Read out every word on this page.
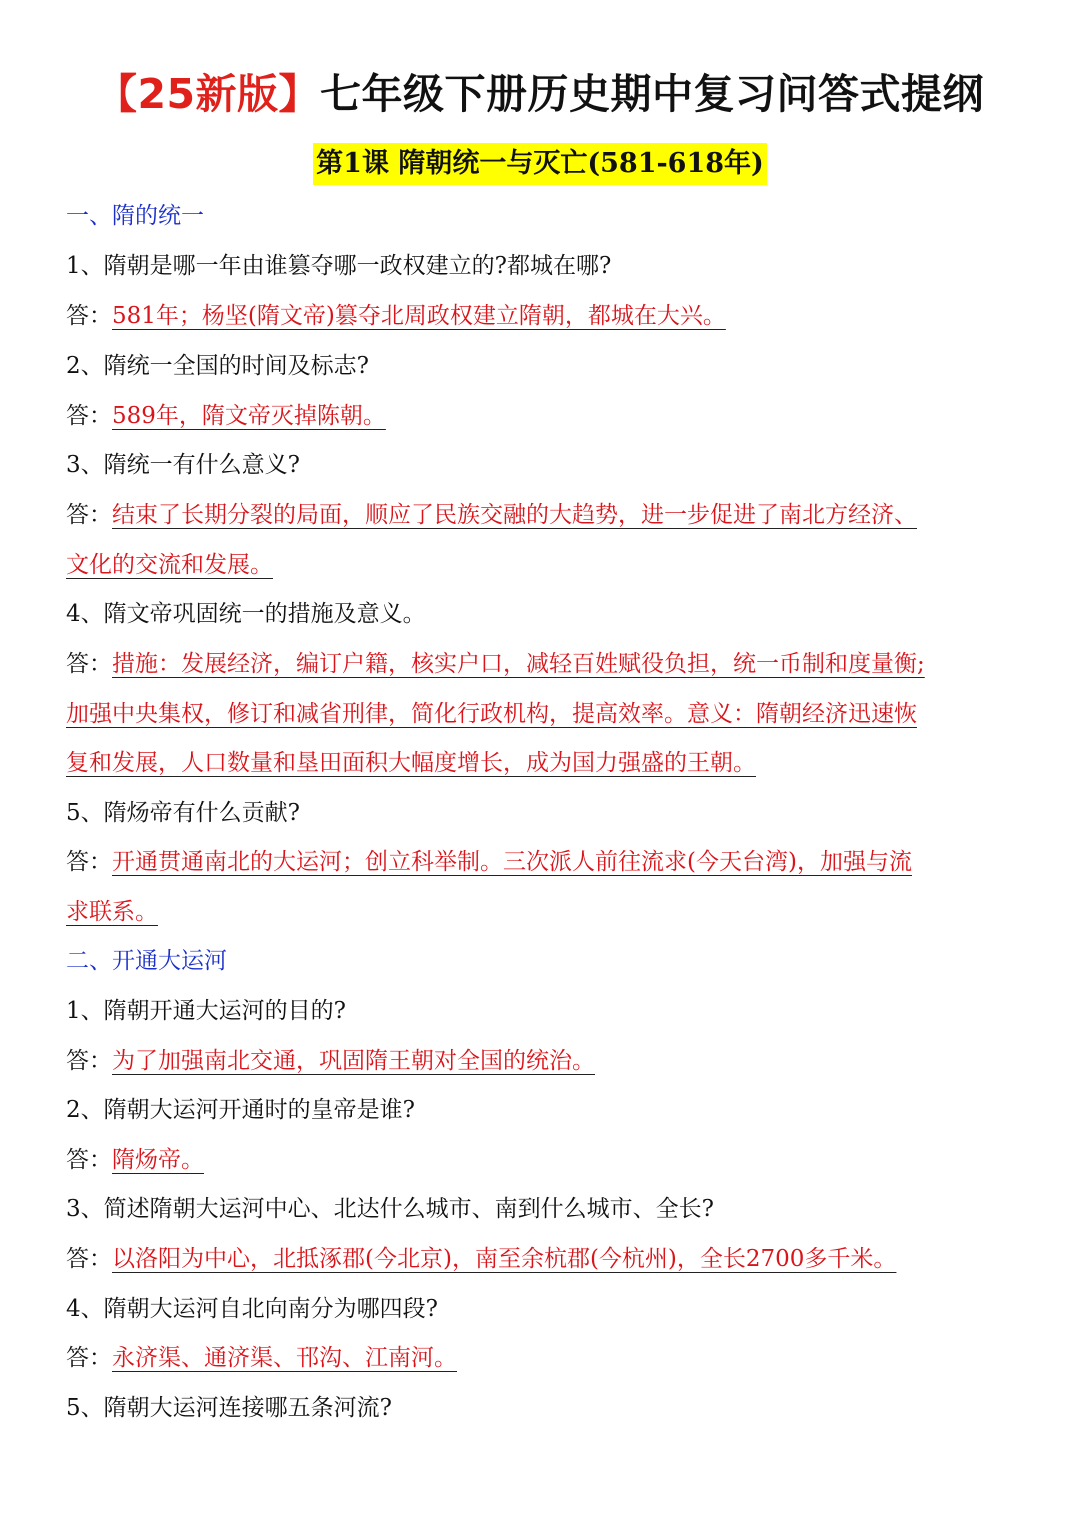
【25新版】七年级下册历史期中复习问答式提纲
第1课 隋朝统一与灭亡(581-618年)
一、隋的统一
1、隋朝是哪一年由谁篡夺哪一政权建立的?都城在哪?
答：581年；杨坚(隋文帝)篡夺北周政权建立隋朝，都城在大兴。
2、隋统一全国的时间及标志?
答：589年，隋文帝灭掉陈朝。
3、隋统一有什么意义?
答：结束了长期分裂的局面，顺应了民族交融的大趋势，进一步促进了南北方经济、
文化的交流和发展。
4、隋文帝巩固统一的措施及意义。
答：措施：发展经济，编订户籍，核实户口，减轻百姓赋役负担，统一币制和度量衡;
加强中央集权，修订和减省刑律，简化行政机构，提高效率。意义：隋朝经济迅速恢
复和发展，人口数量和垦田面积大幅度增长，成为国力强盛的王朝。
5、隋炀帝有什么贡献?
答：开通贯通南北的大运河；创立科举制。三次派人前往流求(今天台湾)，加强与流
求联系。
二、开通大运河
1、隋朝开通大运河的目的?
答：为了加强南北交通，巩固隋王朝对全国的统治。
2、隋朝大运河开通时的皇帝是谁?
答：隋炀帝。
3、简述隋朝大运河中心、北达什么城市、南到什么城市、全长?
答：以洛阳为中心，北抵涿郡(今北京)，南至余杭郡(今杭州)，全长2700多千米。
4、隋朝大运河自北向南分为哪四段?
答：永济渠、通济渠、邗沟、江南河。
5、隋朝大运河连接哪五条河流?
